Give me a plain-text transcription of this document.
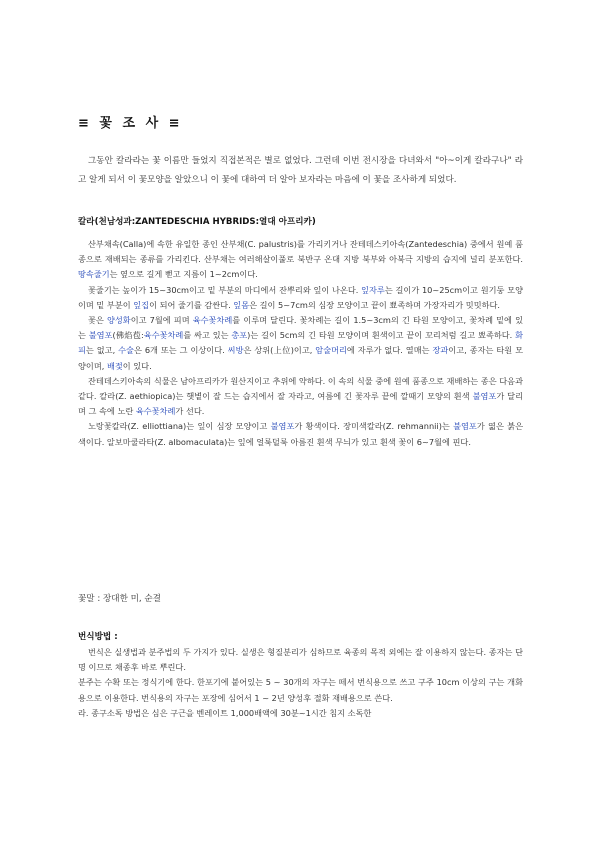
≡ 꽃 조 사 ≡

그동안 칼라라는 꽃 이름만 들었지 직접본적은 별로 없었다. 그런데 이번 전시장을 다녀와서 "아~이게 칼라구나" 라고 알게 되서 이 꽃모양을 알았으니 이 꽃에 대하여 더 알아 보자라는 마음에 이 꽃을 조사하게 되었다.

칼라(천남성과:ZANTEDESCHIA HYBRIDS:열대 아프리카)

산부채속(Calla)에 속한 유일한 종인 산부채(C. palustris)를 가리키거나 잔테데스키아속(Zantedeschia) 중에서 원예 품종으로 재배되는 종류를 가리킨다. 산부채는 여러해살이풀로 북반구 온대 지방 북부와 아북극 지방의 습지에 널리 분포한다. 땅속줄기는 옆으로 길게 뻗고 지름이 1~2cm이다.

꽃줄기는 높이가 15~30cm이고 밑 부분의 마디에서 잔뿌리와 잎이 나온다. 잎자루는 길이가 10~25cm이고 원기둥 모양이며 밑 부분이 잎집이 되어 줄기를 감싼다. 잎몸은 길이 5~7cm의 심장 모양이고 끝이 뾰족하며 가장자리가 밋밋하다.

꽃은 양성화이고 7월에 피며 육수꽃차례를 이루며 달린다. 꽃차례는 길이 1.5~3cm의 긴 타원 모양이고, 꽃차례 밑에 있는 불염포(佛焰苞:육수꽃차례를 싸고 있는 총포)는 길이 5cm의 긴 타원 모양이며 흰색이고 끝이 꼬리처럼 길고 뾰족하다. 화피는 없고, 수술은 6개 또는 그 이상이다. 씨방은 상위(上位)이고, 암술머리에 자루가 없다. 열매는 장과이고, 종자는 타원 모양이며, 배젖이 있다.

잔테데스키아속의 식물은 남아프리카가 원산지이고 추위에 약하다. 이 속의 식물 중에 원예 품종으로 재배하는 종은 다음과 같다. 칼라(Z. aethiopica)는 햇볕이 잘 드는 습지에서 잘 자라고, 여름에 긴 꽃자루 끝에 깔때기 모양의 흰색 불염포가 달리며 그 속에 노란 육수꽃차례가 선다.

노랑꽃칼라(Z. elliottiana)는 잎이 심장 모양이고 불염포가 황색이다. 장미색칼라(Z. rehmannii)는 불염포가 엷은 붉은 색이다. 알보마쿨라타(Z. albomaculata)는 잎에 얼룩덜룩 아름진 흰색 무늬가 있고 흰색 꽃이 6~7월에 핀다.

꽃말 : 장대한 미, 순결
번식방법 :

번식은 실생법과 분주법의 두 가지가 있다. 실생은 형질분리가 심하므로 육종의 목적 외에는 잘 이용하지 않는다. 종자는 단명 이므로 채종후 바로 뿌린다.

분주는 수확 또는 정식기에 한다. 한포기에 붙어있는 5 ~ 30개의 자구는 떼서 번식용으로 쓰고 구주 10cm 이상의 구는 개화용으로 이용한다. 번식용의 자구는 포장에 심어서 1 ~ 2년 양성후 절화 재배용으로 쓴다.

라. 종구소독 방법은 심은 구근을 벤레이트 1,000배액에 30분~1시간 침지 소독한
